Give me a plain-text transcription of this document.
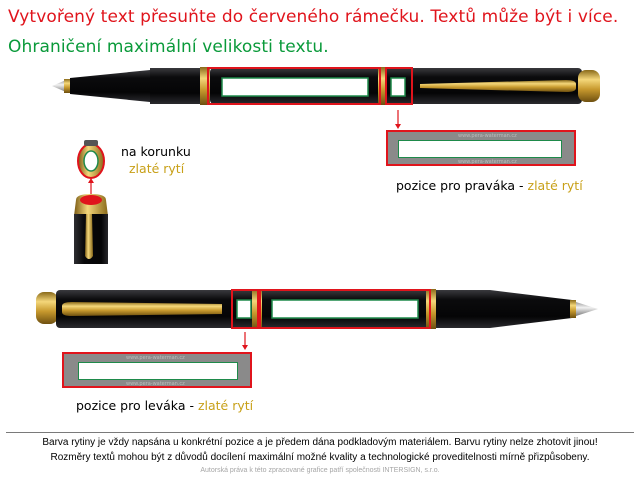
Vytvořený text přesuňte do červeného rámečku. Textů může být i více.
Ohraničení maximální velikosti textu.
www.pera-waterman.cz
www.pera-waterman.cz
www.pera-waterman.cz
www.pera-waterman.cz
na korunku
zlaté rytí
pozice pro praváka - zlaté rytí
pozice pro leváka - zlaté rytí
Barva rytiny je vždy napsána u konkrétní pozice a je předem dána podkladovým materiálem. Barvu rytiny nelze zhotovit jinou!
Rozměry textů mohou být z důvodů docílení maximální možné kvality a technologické proveditelnosti mírně přizpůsobeny.
Autorská práva k této zpracované grafice patří společnosti INTERSIGN, s.r.o.
